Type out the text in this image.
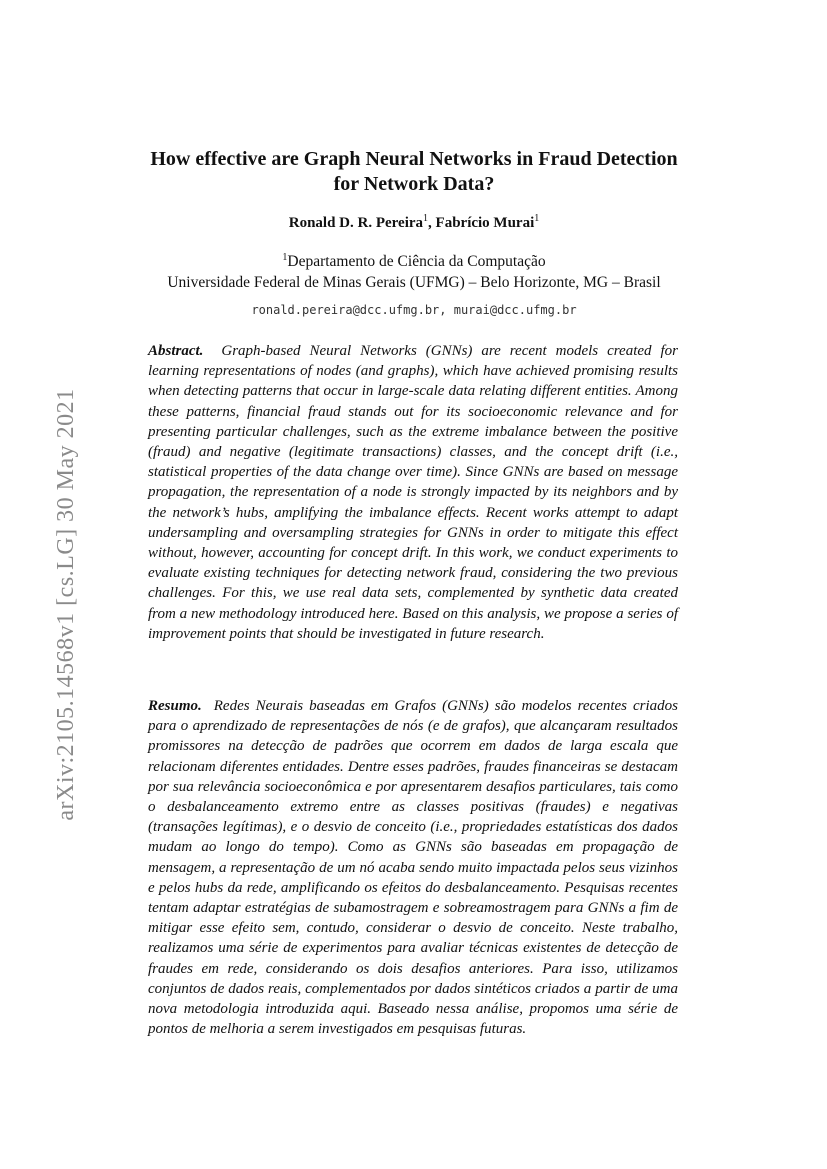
arXiv:2105.14568v1 [cs.LG] 30 May 2021
How effective are Graph Neural Networks in Fraud Detection
for Network Data?
Ronald D. R. Pereira$^1$, Fabrício Murai$^1$
$^1$Departamento de Ciência da Computação
Universidade Federal de Minas Gerais (UFMG) – Belo Horizonte, MG – Brasil
ronald.pereira@dcc.ufmg.br, murai@dcc.ufmg.br
Abstract. Graph-based Neural Networks (GNNs) are recent models created for learning representations of nodes (and graphs), which have achieved promising results when detecting patterns that occur in large-scale data relating different entities. Among these patterns, financial fraud stands out for its socioeconomic relevance and for presenting particular challenges, such as the extreme imbalance between the positive (fraud) and negative (legitimate transactions) classes, and the concept drift (i.e., statistical properties of the data change over time). Since GNNs are based on message propagation, the representation of a node is strongly impacted by its neighbors and by the network’s hubs, amplifying the imbalance effects. Recent works attempt to adapt undersampling and oversampling strategies for GNNs in order to mitigate this effect without, however, accounting for concept drift. In this work, we conduct experiments to evaluate existing techniques for detecting network fraud, considering the two previous challenges. For this, we use real data sets, complemented by synthetic data created from a new methodology introduced here. Based on this analysis, we propose a series of improvement points that should be investigated in future research.
Resumo. Redes Neurais baseadas em Grafos (GNNs) são modelos recentes criados para o aprendizado de representações de nós (e de grafos), que alcançaram resultados promissores na detecção de padrões que ocorrem em dados de larga escala que relacionam diferentes entidades. Dentre esses padrões, fraudes financeiras se destacam por sua relevância socioeconômica e por apresentarem desafios particulares, tais como o desbalanceamento extremo entre as classes positivas (fraudes) e negativas (transações legítimas), e o desvio de conceito (i.e., propriedades estatísticas dos dados mudam ao longo do tempo). Como as GNNs são baseadas em propagação de mensagem, a representação de um nó acaba sendo muito impactada pelos seus vizinhos e pelos hubs da rede, amplificando os efeitos do desbalanceamento. Pesquisas recentes tentam adaptar estratégias de subamostragem e sobreamostragem para GNNs a fim de mitigar esse efeito sem, contudo, considerar o desvio de conceito. Neste trabalho, realizamos uma série de experimentos para avaliar técnicas existentes de detecção de fraudes em rede, considerando os dois desafios anteriores. Para isso, utilizamos conjuntos de dados reais, complementados por dados sintéticos criados a partir de uma nova metodologia introduzida aqui. Baseado nessa análise, propomos uma série de pontos de melhoria a serem investigados em pesquisas futuras.
